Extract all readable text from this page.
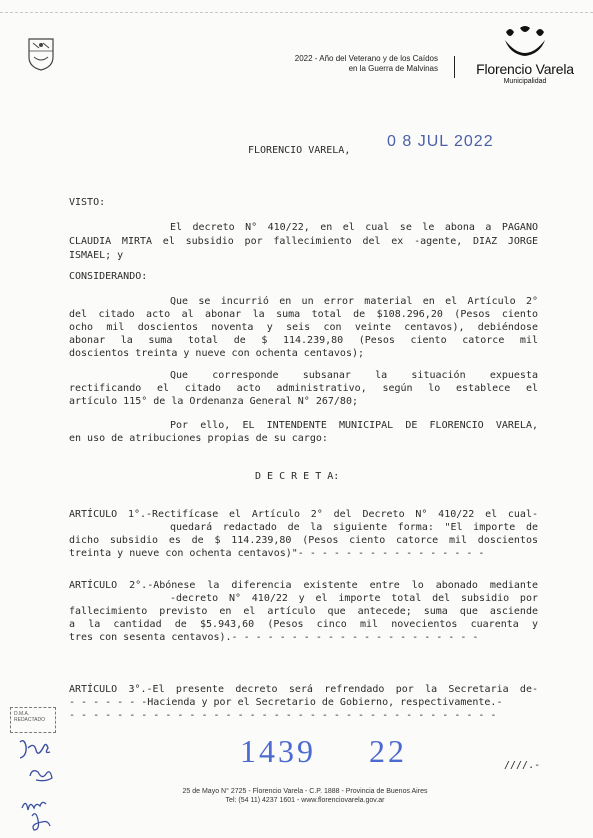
2022 - Año del Veterano y de los Caídos
en la Guerra de Malvinas	Florencio Varela
Municipalidad
FLORENCIO VARELA,
0 8 JUL 2022
VISTO:
El decreto N° 410/22, en el cual se le abona a PAGANO
CLAUDIA MIRTA el subsidio por fallecimiento del ex -agente, DIAZ JORGE
ISMAEL; y
CONSIDERANDO:
Que se incurrió en un error material en el Artículo 2°
del citado acto al abonar la suma total de $108.296,20 (Pesos ciento
ocho mil doscientos noventa y seis con veinte centavos), debiéndose
abonar la suma total de $ 114.239,80 (Pesos ciento catorce mil
doscientos treinta y nueve con ochenta centavos);
Que corresponde subsanar la situación expuesta
rectificando el citado acto administrativo, según lo establece el
artículo 115° de la Ordenanza General N° 267/80;
Por ello, EL INTENDENTE MUNICIPAL DE FLORENCIO VARELA,
en uso de atribuciones propias de su cargo:
D E C R E T A:
ARTÍCULO 1°.-Rectifícase el Artículo 2° del Decreto N° 410/22 el cual-
quedará redactado de la siguiente forma: "El importe de
dicho subsidio es de $ 114.239,80 (Pesos ciento catorce mil doscientos
treinta y nueve con ochenta centavos)"- - - - - - - - - - - - - - - -
ARTÍCULO 2°.-Abónese la diferencia existente entre lo abonado mediante
-decreto N° 410/22 y el importe total del subsidio por
fallecimiento previsto en el artículo que antecede; suma que asciende
a la cantidad de $5.943,60 (Pesos cinco mil novecientos cuarenta y
tres con sesenta centavos).- - - - - - - - - - - - - - - - - - - - -
ARTÍCULO 3°.-El presente decreto será refrendado por la Secretaria de-
- - - - - - -Hacienda y por el Secretario de Gobierno, respectivamente.-
- - - - - - - - - - - - - - - - - - - - - - - - - - - - - - - - - - - -
1439 22	////.-
25 de Mayo N° 2725 - Florencio Varela - C.P. 1888 - Provincia de Buenos Aires
Tel: (54 11) 4237 1601 - www.florenciovarela.gov.ar
D.M.A.
REDACTADO
